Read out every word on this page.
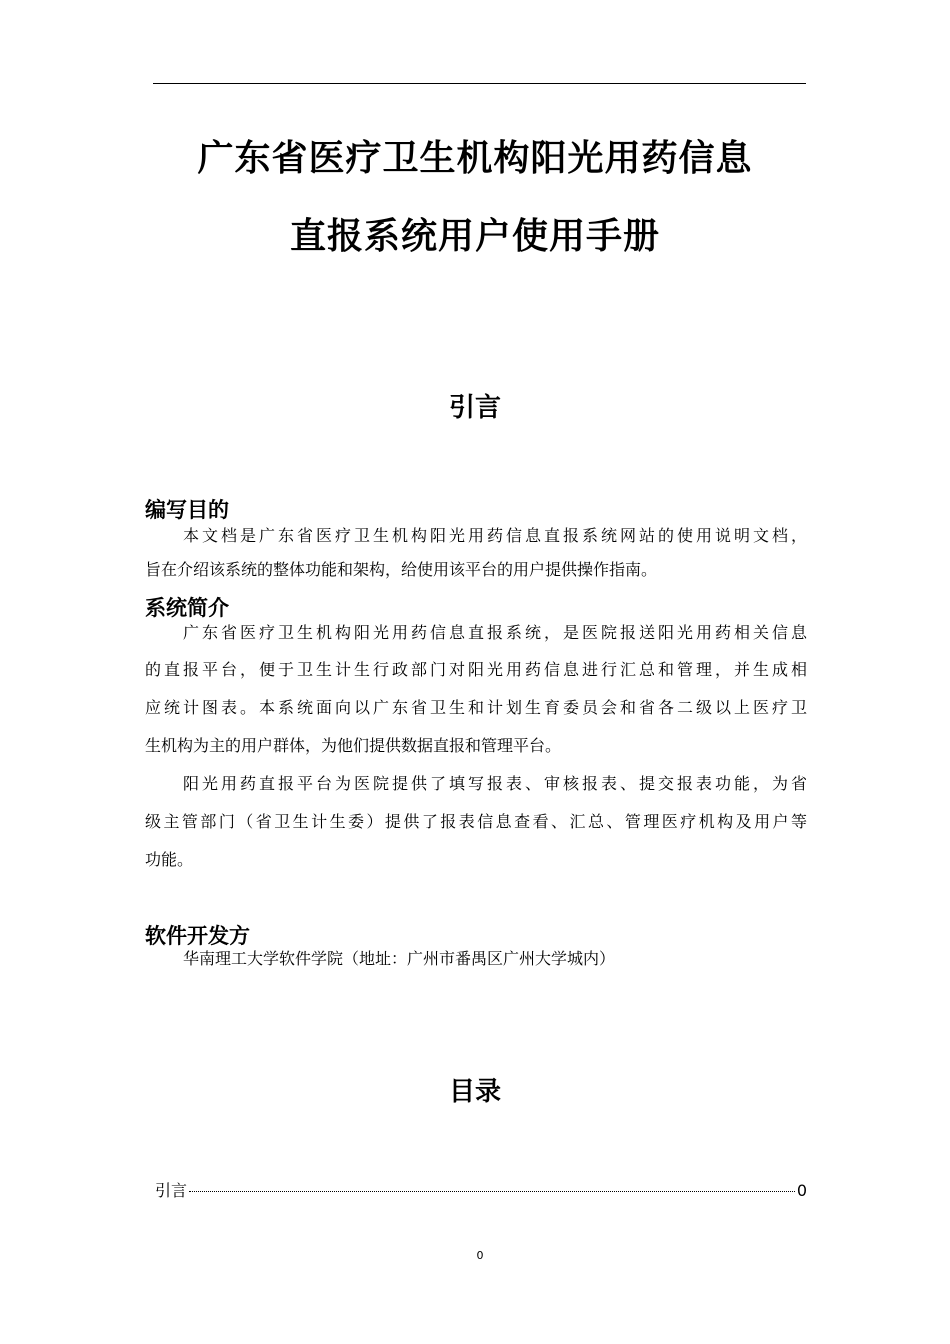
广东省医疗卫生机构阳光用药信息
直报系统用户使用手册
引言
编写目的
本文档是广东省医疗卫生机构阳光用药信息直报系统网站的使用说明文档，
旨在介绍该系统的整体功能和架构，给使用该平台的用户提供操作指南。
系统简介
广东省医疗卫生机构阳光用药信息直报系统，是医院报送阳光用药相关信息
的直报平台，便于卫生计生行政部门对阳光用药信息进行汇总和管理，并生成相
应统计图表。本系统面向以广东省卫生和计划生育委员会和省各二级以上医疗卫
生机构为主的用户群体，为他们提供数据直报和管理平台。
阳光用药直报平台为医院提供了填写报表、审核报表、提交报表功能，为省
级主管部门（省卫生计生委）提供了报表信息查看、汇总、管理医疗机构及用户等
功能。
软件开发方
华南理工大学软件学院（地址：广州市番禺区广州大学城内）
目录
引言	0
0
